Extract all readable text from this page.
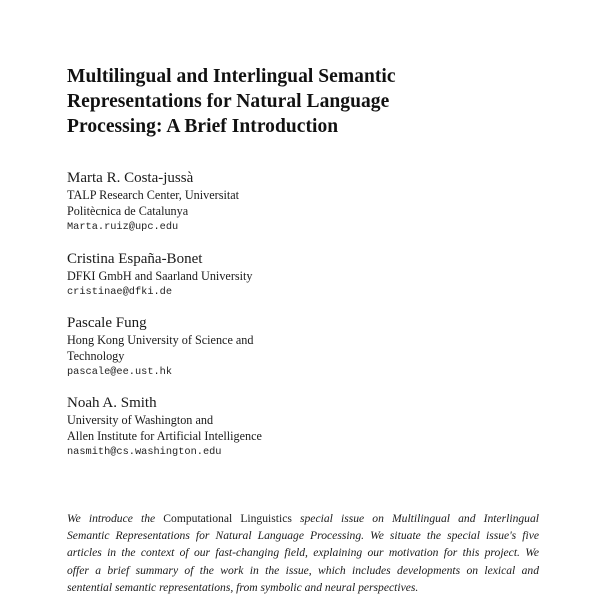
Multilingual and Interlingual Semantic
Representations for Natural Language
Processing: A Brief Introduction
Marta R. Costa-jussà
TALP Research Center, Universitat
Politècnica de Catalunya
Marta.ruiz@upc.edu
Cristina España-Bonet
DFKI GmbH and Saarland University
cristinae@dfki.de
Pascale Fung
Hong Kong University of Science and
Technology
pascale@ee.ust.hk
Noah A. Smith
University of Washington and
Allen Institute for Artificial Intelligence
nasmith@cs.washington.edu
We introduce the Computational Linguistics special issue on Multilingual and Interlingual
Semantic Representations for Natural Language Processing. We situate the special issue's five
articles in the context of our fast-changing field, explaining our motivation for this project. We
offer a brief summary of the work in the issue, which includes developments on lexical and
sentential semantic representations, from symbolic and neural perspectives.
